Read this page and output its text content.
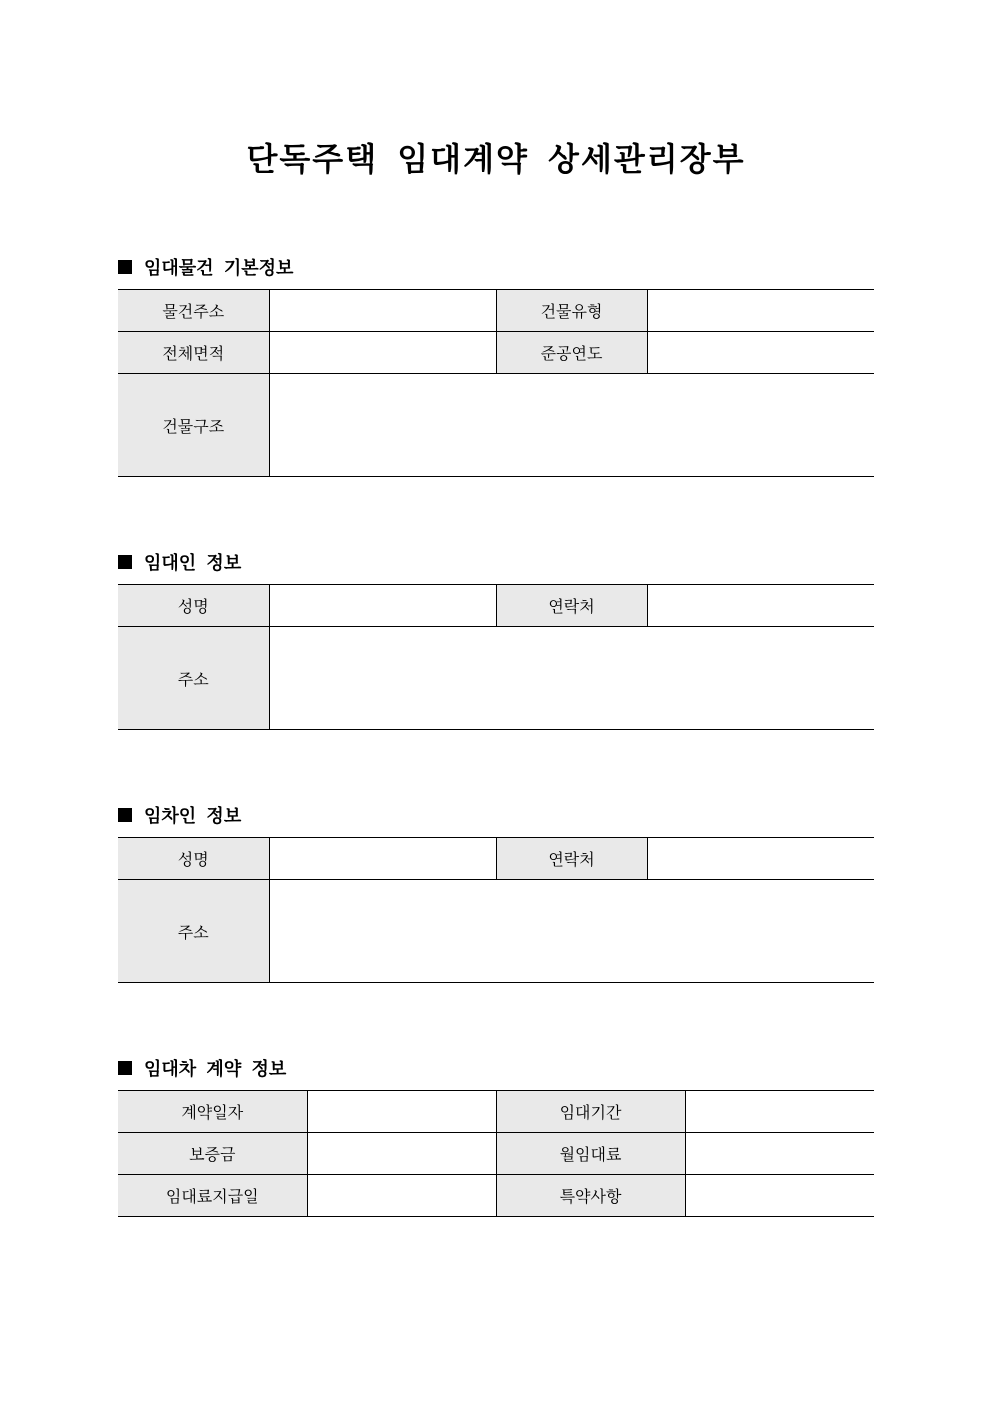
단독주택 임대계약 상세관리장부
임대물건 기본정보
물건주소		건물유형	
전체면적		준공연도	
건물구조			
임대인 정보
성명		연락처	
주소			
임차인 정보
성명		연락처	
주소			
임대차 계약 정보
계약일자		임대기간	
보증금		월임대료	
임대료지급일		특약사항	
